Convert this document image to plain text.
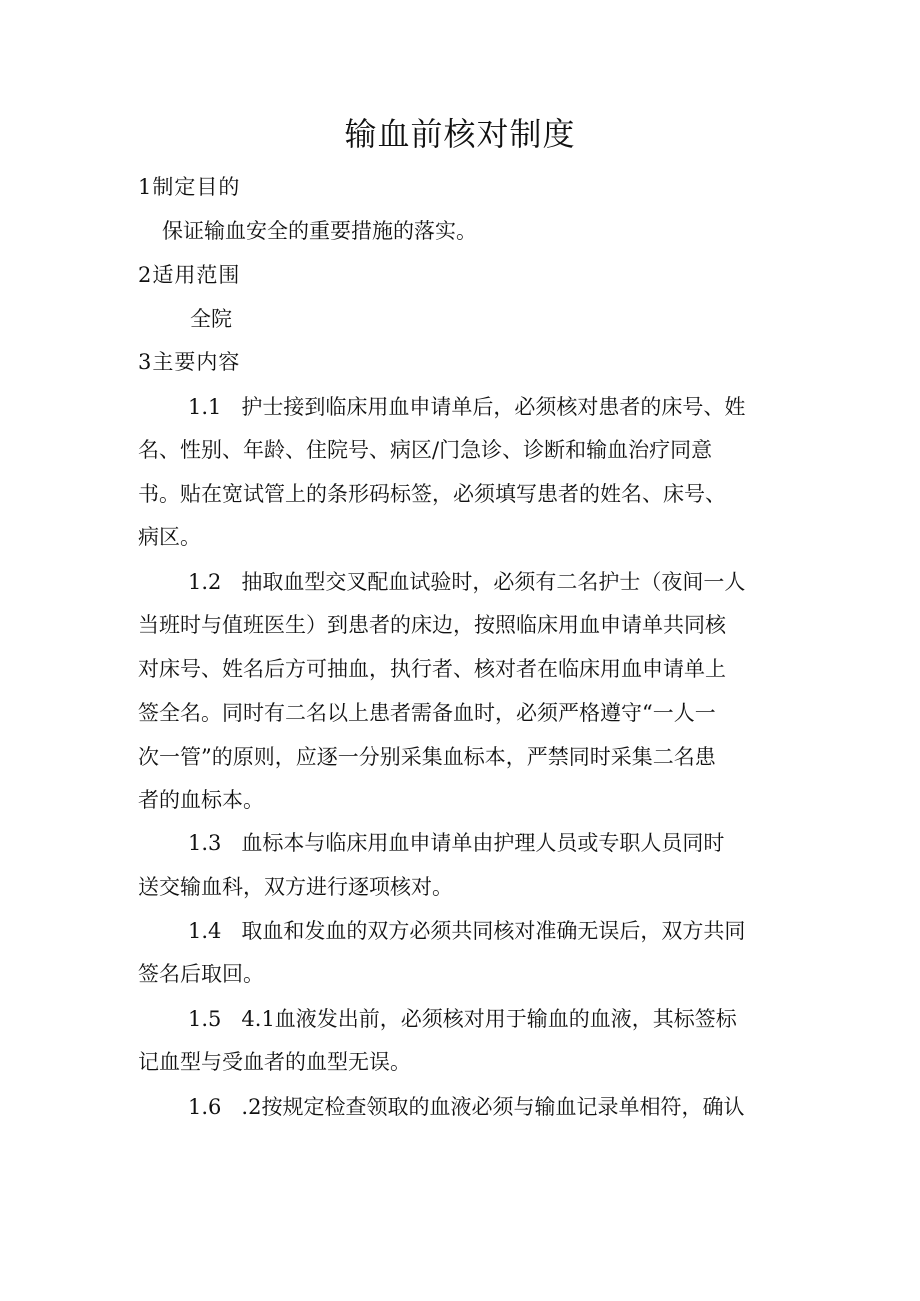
输血前核对制度
1制定目的
保证输血安全的重要措施的落实。
2适用范围
全院
3主要内容
1.1 护士接到临床用血申请单后，必须核对患者的床号、姓
名、性别、年龄、住院号、病区/门急诊、诊断和输血治疗同意
书。贴在宽试管上的条形码标签，必须填写患者的姓名、床号、
病区。
1.2 抽取血型交叉配血试验时，必须有二名护士（夜间一人
当班时与值班医生）到患者的床边，按照临床用血申请单共同核
对床号、姓名后方可抽血，执行者、核对者在临床用血申请单上
签全名。同时有二名以上患者需备血时，必须严格遵守“一人一
次一管”的原则，应逐一分别采集血标本，严禁同时采集二名患
者的血标本。
1.3 血标本与临床用血申请单由护理人员或专职人员同时
送交输血科，双方进行逐项核对。
1.4 取血和发血的双方必须共同核对准确无误后，双方共同
签名后取回。
1.5 4.1血液发出前，必须核对用于输血的血液，其标签标
记血型与受血者的血型无误。
1.6 .2按规定检查领取的血液必须与输血记录单相符，确认
